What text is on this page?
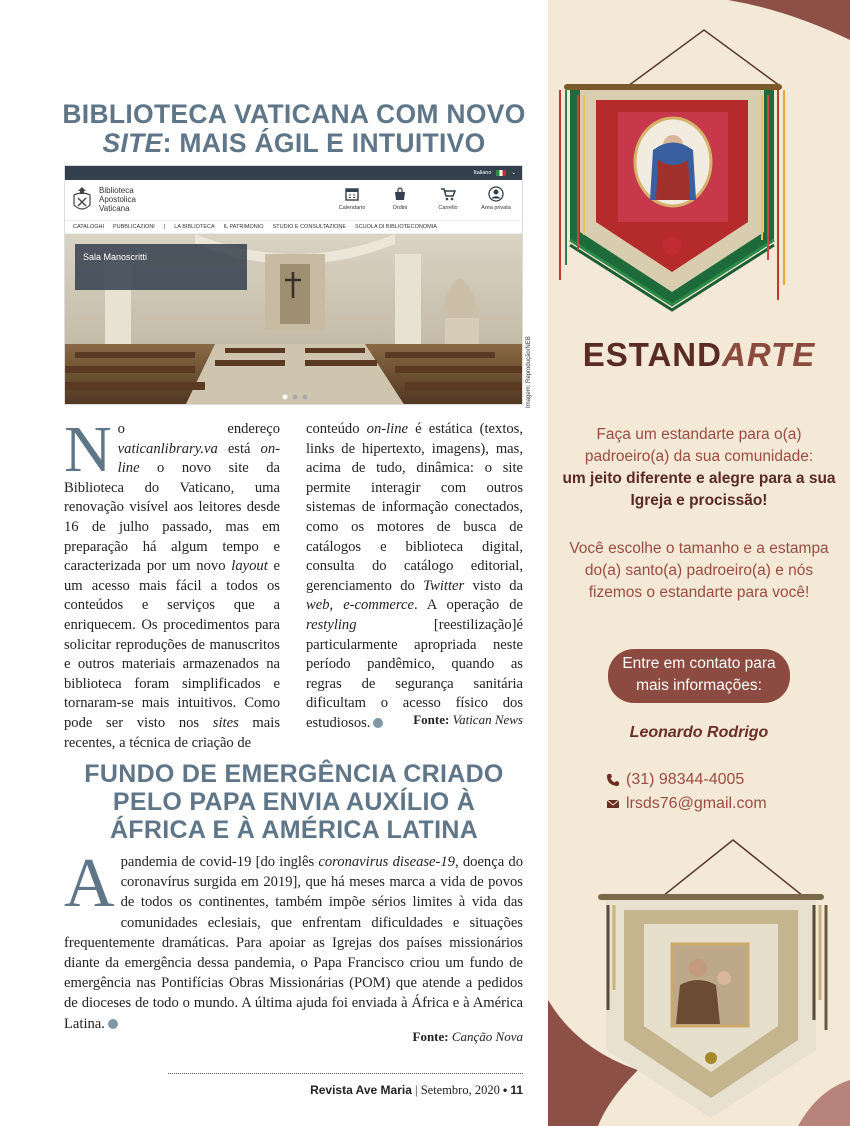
BIBLIOTECA VATICANA COM NOVO
SITE: MAIS ÁGIL E INTUITIVO
Italiano	⌄
Biblioteca
Apostolica
Vaticana	Calendario	Ordini	Carrello	Area privata
CATALOGHI PUBBLICAZIONI | LA BIBLIOTECA IL PATRIMONIO STUDIO E CONSULTAZIONE SCUOLA DI BIBLIOTECONOMIA
Sala Manoscritti
Imagem: Reprodução/NEB

No endereço vaticanlibrary.va está on-line o novo site da Biblioteca do Vaticano, uma renovação visível aos leitores desde 16 de julho passado, mas em preparação há algum tempo e caracterizada por um novo layout e um acesso mais fácil a todos os conteúdos e serviços que a enriquecem. Os procedimentos para solicitar reproduções de manuscritos e outros materiais armazenados na biblioteca foram simplificados e tornaram-se mais intuitivos. Como pode ser visto nos sites mais recentes, a técnica de criação de

conteúdo on-line é estática (textos, links de hipertexto, imagens), mas, acima de tudo, dinâmica: o site permite interagir com outros sistemas de informação conectados, como os motores de busca de catálogos e biblioteca digital, consulta do catálogo editorial, gerenciamento do Twitter visto da web, e-commerce. A operação de restyling [reestilização]é particularmente apropriada neste período pandêmico, quando as regras de segurança sanitária dificultam o acesso físico dos estudiosos.	Fonte: Vatican News
FUNDO DE EMERGÊNCIA CRIADO
PELO PAPA ENVIA AUXÍLIO À
ÁFRICA E À AMÉRICA LATINA

Apandemia de covid-19 [do inglês coronavirus disease-19, doença do coronavírus surgida em 2019], que há meses marca a vida de povos de todos os continentes, também impõe sérios limites à vida das comunidades eclesiais, que enfrentam dificuldades e situações frequentemente dramáticas. Para apoiar as Igrejas dos países missionários diante da emergência dessa pandemia, o Papa Francisco criou um fundo de emergência nas Pontifícias Obras Missionárias (POM) que atende a pedidos de dioceses de todo o mundo. A última ajuda foi enviada à África e à América Latina.

Fonte: Canção Nova
Revista Ave Maria | Setembro, 2020 • 11
ESTANDARTE
Faça um estandarte para o(a) padroeiro(a) da sua comunidade:
um jeito diferente e alegre para a sua Igreja e procissão!
Você escolhe o tamanho e a estampa do(a) santo(a) padroeiro(a) e nós fizemos o estandarte para você!
Entre em contato para mais informações:
Leonardo Rodrigo
(31) 98344-4005
lrsds76@gmail.com
